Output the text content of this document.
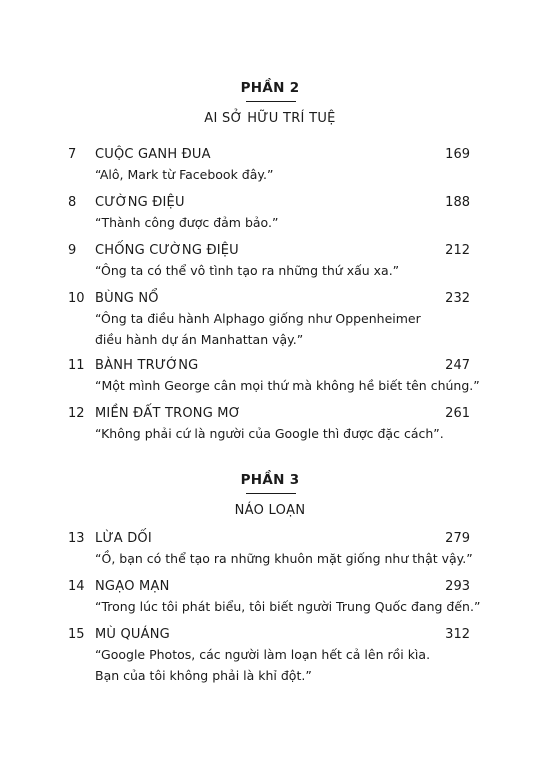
PHẦN 2
AI SỞ HỮU TRÍ TUỆ
7	CUỘC GANH ĐUA	169
“Alô, Mark từ Facebook đây.”
8	CƯỜNG ĐIỆU	188
“Thành công được đảm bảo.”
9	CHỐNG CƯỜNG ĐIỆU	212
“Ông ta có thể vô tình tạo ra những thứ xấu xa.”
10 BÙNG NỔ	232
“Ông ta điều hành Alphago giống như Oppenheimer
điều hành dự án Manhattan vậy.”
11 BÀNH TRƯỚNG	247
“Một mình George cân mọi thứ mà không hề biết tên chúng.”
12 MIỀN ĐẤT TRONG MƠ	261
“Không phải cứ là người của Google thì được đặc cách”.
PHẦN 3
NÁO LOẠN
13 LỪA DỐI	279
“Ồ, bạn có thể tạo ra những khuôn mặt giống như thật vậy.”
14 NGẠO MẠN	293
“Trong lúc tôi phát biểu, tôi biết người Trung Quốc đang đến.”
15 MÙ QUÁNG	312
“Google Photos, các người làm loạn hết cả lên rồi kìa.
Bạn của tôi không phải là khỉ đột.”
